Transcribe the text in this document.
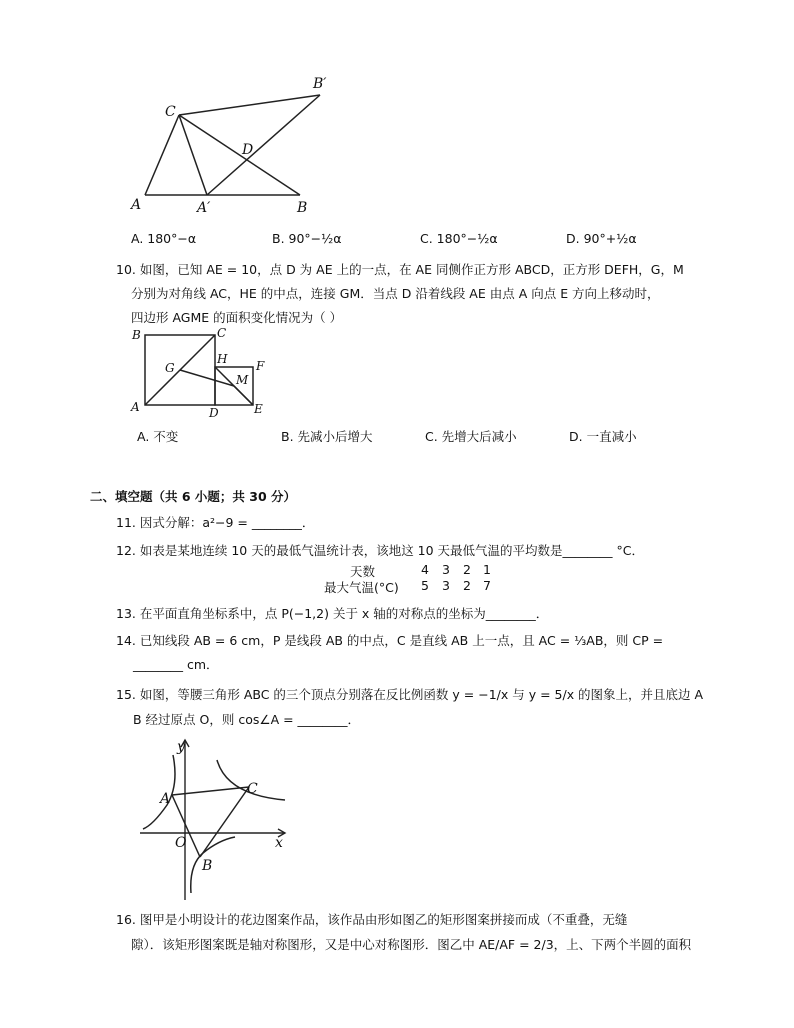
C
B′
D
A	A′	B
A. 180°−α	B. 90°−½α	C. 180°−½α	D. 90°+½α
10. 如图，已知 AE = 10，点 D 为 AE 上的一点，在 AE 同侧作正方形 ABCD，正方形 DEFH，G，M
分别为对角线 AC，HE 的中点，连接 GM．当点 D 沿着线段 AE 由点 A 向点 E 方向上移动时，
四边形 AGME 的面积变化情况为（ ）
B	C
H F
G
M
A	D	E
A. 不变	B. 先减小后增大	C. 先增大后减小	D. 一直减小
二、填空题（共 6 小题；共 30 分）
11. 因式分解：a²−9 = ________．
12. 如表是某地连续 10 天的最低气温统计表，该地这 10 天最低气温的平均数是________ °C．
天数	4 3 2 1
最大气温(°C) 5 3 2 7
13. 在平面直角坐标系中，点 P(−1,2) 关于 x 轴的对称点的坐标为________．
14. 已知线段 AB = 6 cm，P 是线段 AB 的中点，C 是直线 AB 上一点，且 AC = ⅓AB，则 CP =
________ cm．
15. 如图，等腰三角形 ABC 的三个顶点分别落在反比例函数 y = −1/x 与 y = 5/x 的图象上，并且底边 A
B 经过原点 O，则 cos∠A = ________．
y
x
O
A
B
C
16. 图甲是小明设计的花边图案作品，该作品由形如图乙的矩形图案拼接而成（不重叠，无缝
隙）．该矩形图案既是轴对称图形，又是中心对称图形．图乙中 AE/AF = 2/3，上、下两个半圆的面积
